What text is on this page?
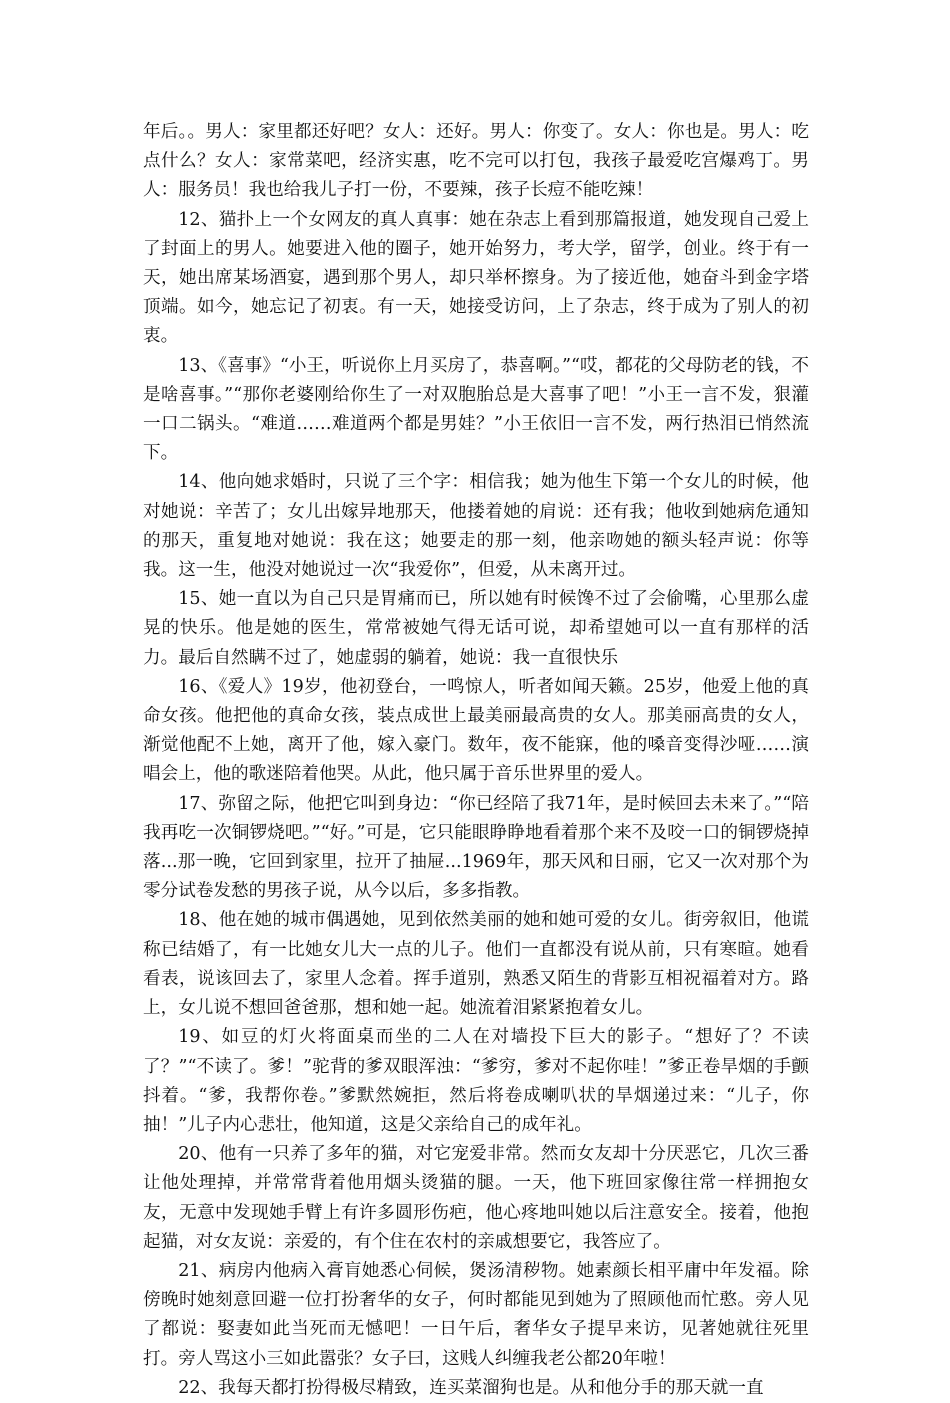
年后。。男人：家里都还好吧？女人：还好。男人：你变了。女人：你也是。男人：吃点什么？女人：家常菜吧，经济实惠，吃不完可以打包，我孩子最爱吃宫爆鸡丁。男人：服务员！我也给我儿子打一份，不要辣，孩子长痘不能吃辣！

12、猫扑上一个女网友的真人真事：她在杂志上看到那篇报道，她发现自己爱上了封面上的男人。她要进入他的圈子，她开始努力，考大学，留学，创业。终于有一天，她出席某场酒宴，遇到那个男人，却只举杯擦身。为了接近他，她奋斗到金字塔顶端。如今，她忘记了初衷。有一天，她接受访问，上了杂志，终于成为了别人的初衷。

13、《喜事》“小王，听说你上月买房了，恭喜啊。”“哎，都花的父母防老的钱，不是啥喜事。”“那你老婆刚给你生了一对双胞胎总是大喜事了吧！”小王一言不发，狠灌一口二锅头。“难道……难道两个都是男娃？”小王依旧一言不发，两行热泪已悄然流下。

14、他向她求婚时，只说了三个字：相信我；她为他生下第一个女儿的时候，他对她说：辛苦了；女儿出嫁异地那天，他搂着她的肩说：还有我；他收到她病危通知的那天，重复地对她说：我在这；她要走的那一刻，他亲吻她的额头轻声说：你等我。这一生，他没对她说过一次“我爱你”，但爱，从未离开过。

15、她一直以为自己只是胃痛而已，所以她有时候馋不过了会偷嘴，心里那么虚晃的快乐。他是她的医生，常常被她气得无话可说，却希望她可以一直有那样的活力。最后自然瞒不过了，她虚弱的躺着，她说：我一直很快乐

16、《爱人》19岁，他初登台，一鸣惊人，听者如闻天籁。25岁，他爱上他的真命女孩。他把他的真命女孩，装点成世上最美丽最高贵的女人。那美丽高贵的女人，渐觉他配不上她，离开了他，嫁入豪门。数年，夜不能寐，他的嗓音变得沙哑……演唱会上，他的歌迷陪着他哭。从此，他只属于音乐世界里的爱人。

17、弥留之际，他把它叫到身边：“你已经陪了我71年，是时候回去未来了。”“陪我再吃一次铜锣烧吧。”“好。”可是，它只能眼睁睁地看着那个来不及咬一口的铜锣烧掉落...那一晚，它回到家里，拉开了抽屉...1969年，那天风和日丽，它又一次对那个为零分试卷发愁的男孩子说，从今以后，多多指教。

18、他在她的城市偶遇她，见到依然美丽的她和她可爱的女儿。街旁叙旧，他谎称已结婚了，有一比她女儿大一点的儿子。他们一直都没有说从前，只有寒暄。她看看表，说该回去了，家里人念着。挥手道别，熟悉又陌生的背影互相祝福着对方。路上，女儿说不想回爸爸那，想和她一起。她流着泪紧紧抱着女儿。

19、如豆的灯火将面桌而坐的二人在对墙投下巨大的影子。“想好了？不读了？”“不读了。爹！”驼背的爹双眼浑浊：“爹穷，爹对不起你哇！”爹正卷旱烟的手颤抖着。“爹，我帮你卷。”爹默然婉拒，然后将卷成喇叭状的旱烟递过来：“儿子，你抽！”儿子内心悲壮，他知道，这是父亲给自己的成年礼。

20、他有一只养了多年的猫，对它宠爱非常。然而女友却十分厌恶它，几次三番让他处理掉，并常常背着他用烟头烫猫的腿。一天，他下班回家像往常一样拥抱女友，无意中发现她手臂上有许多圆形伤疤，他心疼地叫她以后注意安全。接着，他抱起猫，对女友说：亲爱的，有个住在农村的亲戚想要它，我答应了。

21、病房内他病入膏肓她悉心伺候，煲汤清秽物。她素颜长相平庸中年发福。除傍晚时她刻意回避一位打扮奢华的女子，何时都能见到她为了照顾他而忙憨。旁人见了都说：娶妻如此当死而无憾吧！一日午后，奢华女子提早来访，见著她就往死里打。旁人骂这小三如此嚣张？女子曰，这贱人纠缠我老公都20年啦！

22、我每天都打扮得极尽精致，连买菜溜狗也是。从和他分手的那天就一直
